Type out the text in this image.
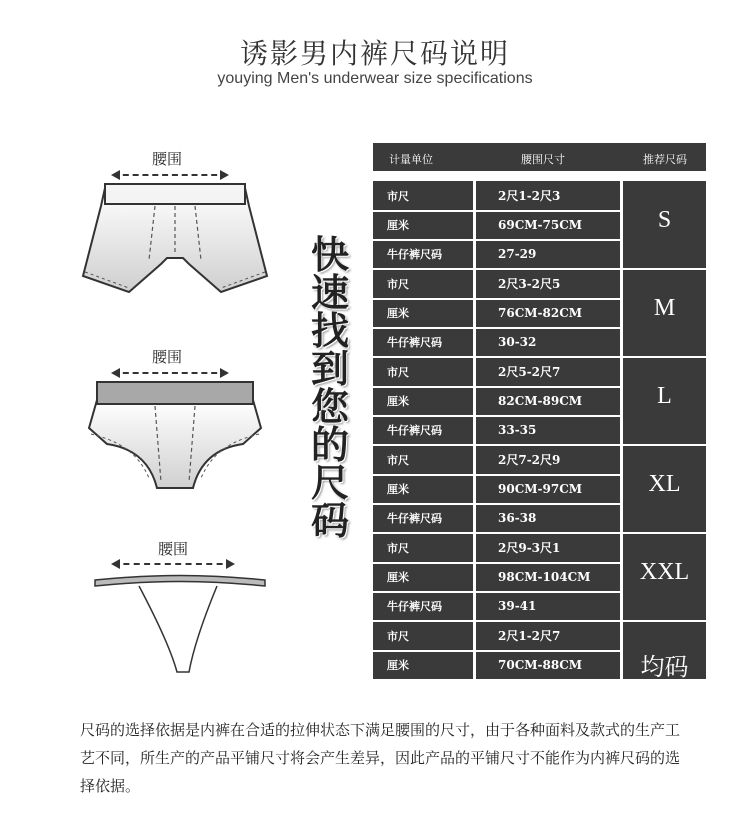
诱影男内裤尺码说明
youying Men's underwear size specifications
腰围
腰围
腰围
快
速
找
到
您
的
尺
码
计量单位	腰围尺寸	推荐尺码
市尺	2尺1-2尺3
厘米	69CM-75CM
牛仔裤尺码	27-29
S
市尺	2尺3-2尺5
厘米	76CM-82CM
牛仔裤尺码	30-32
M
市尺	2尺5-2尺7
厘米	82CM-89CM
牛仔裤尺码	33-35
L
市尺	2尺7-2尺9
厘米	90CM-97CM
牛仔裤尺码	36-38
XL
市尺	2尺9-3尺1
厘米	98CM-104CM
牛仔裤尺码	39-41
XXL
市尺	2尺1-2尺7
厘米	70CM-88CM
牛仔裤尺码	27-35
均码
尺码的选择依据是内裤在合适的拉伸状态下满足腰围的尺寸，由于各种面料及款式的生产工艺不同，所生产的产品平铺尺寸将会产生差异，因此产品的平铺尺寸不能作为内裤尺码的选择依据。
